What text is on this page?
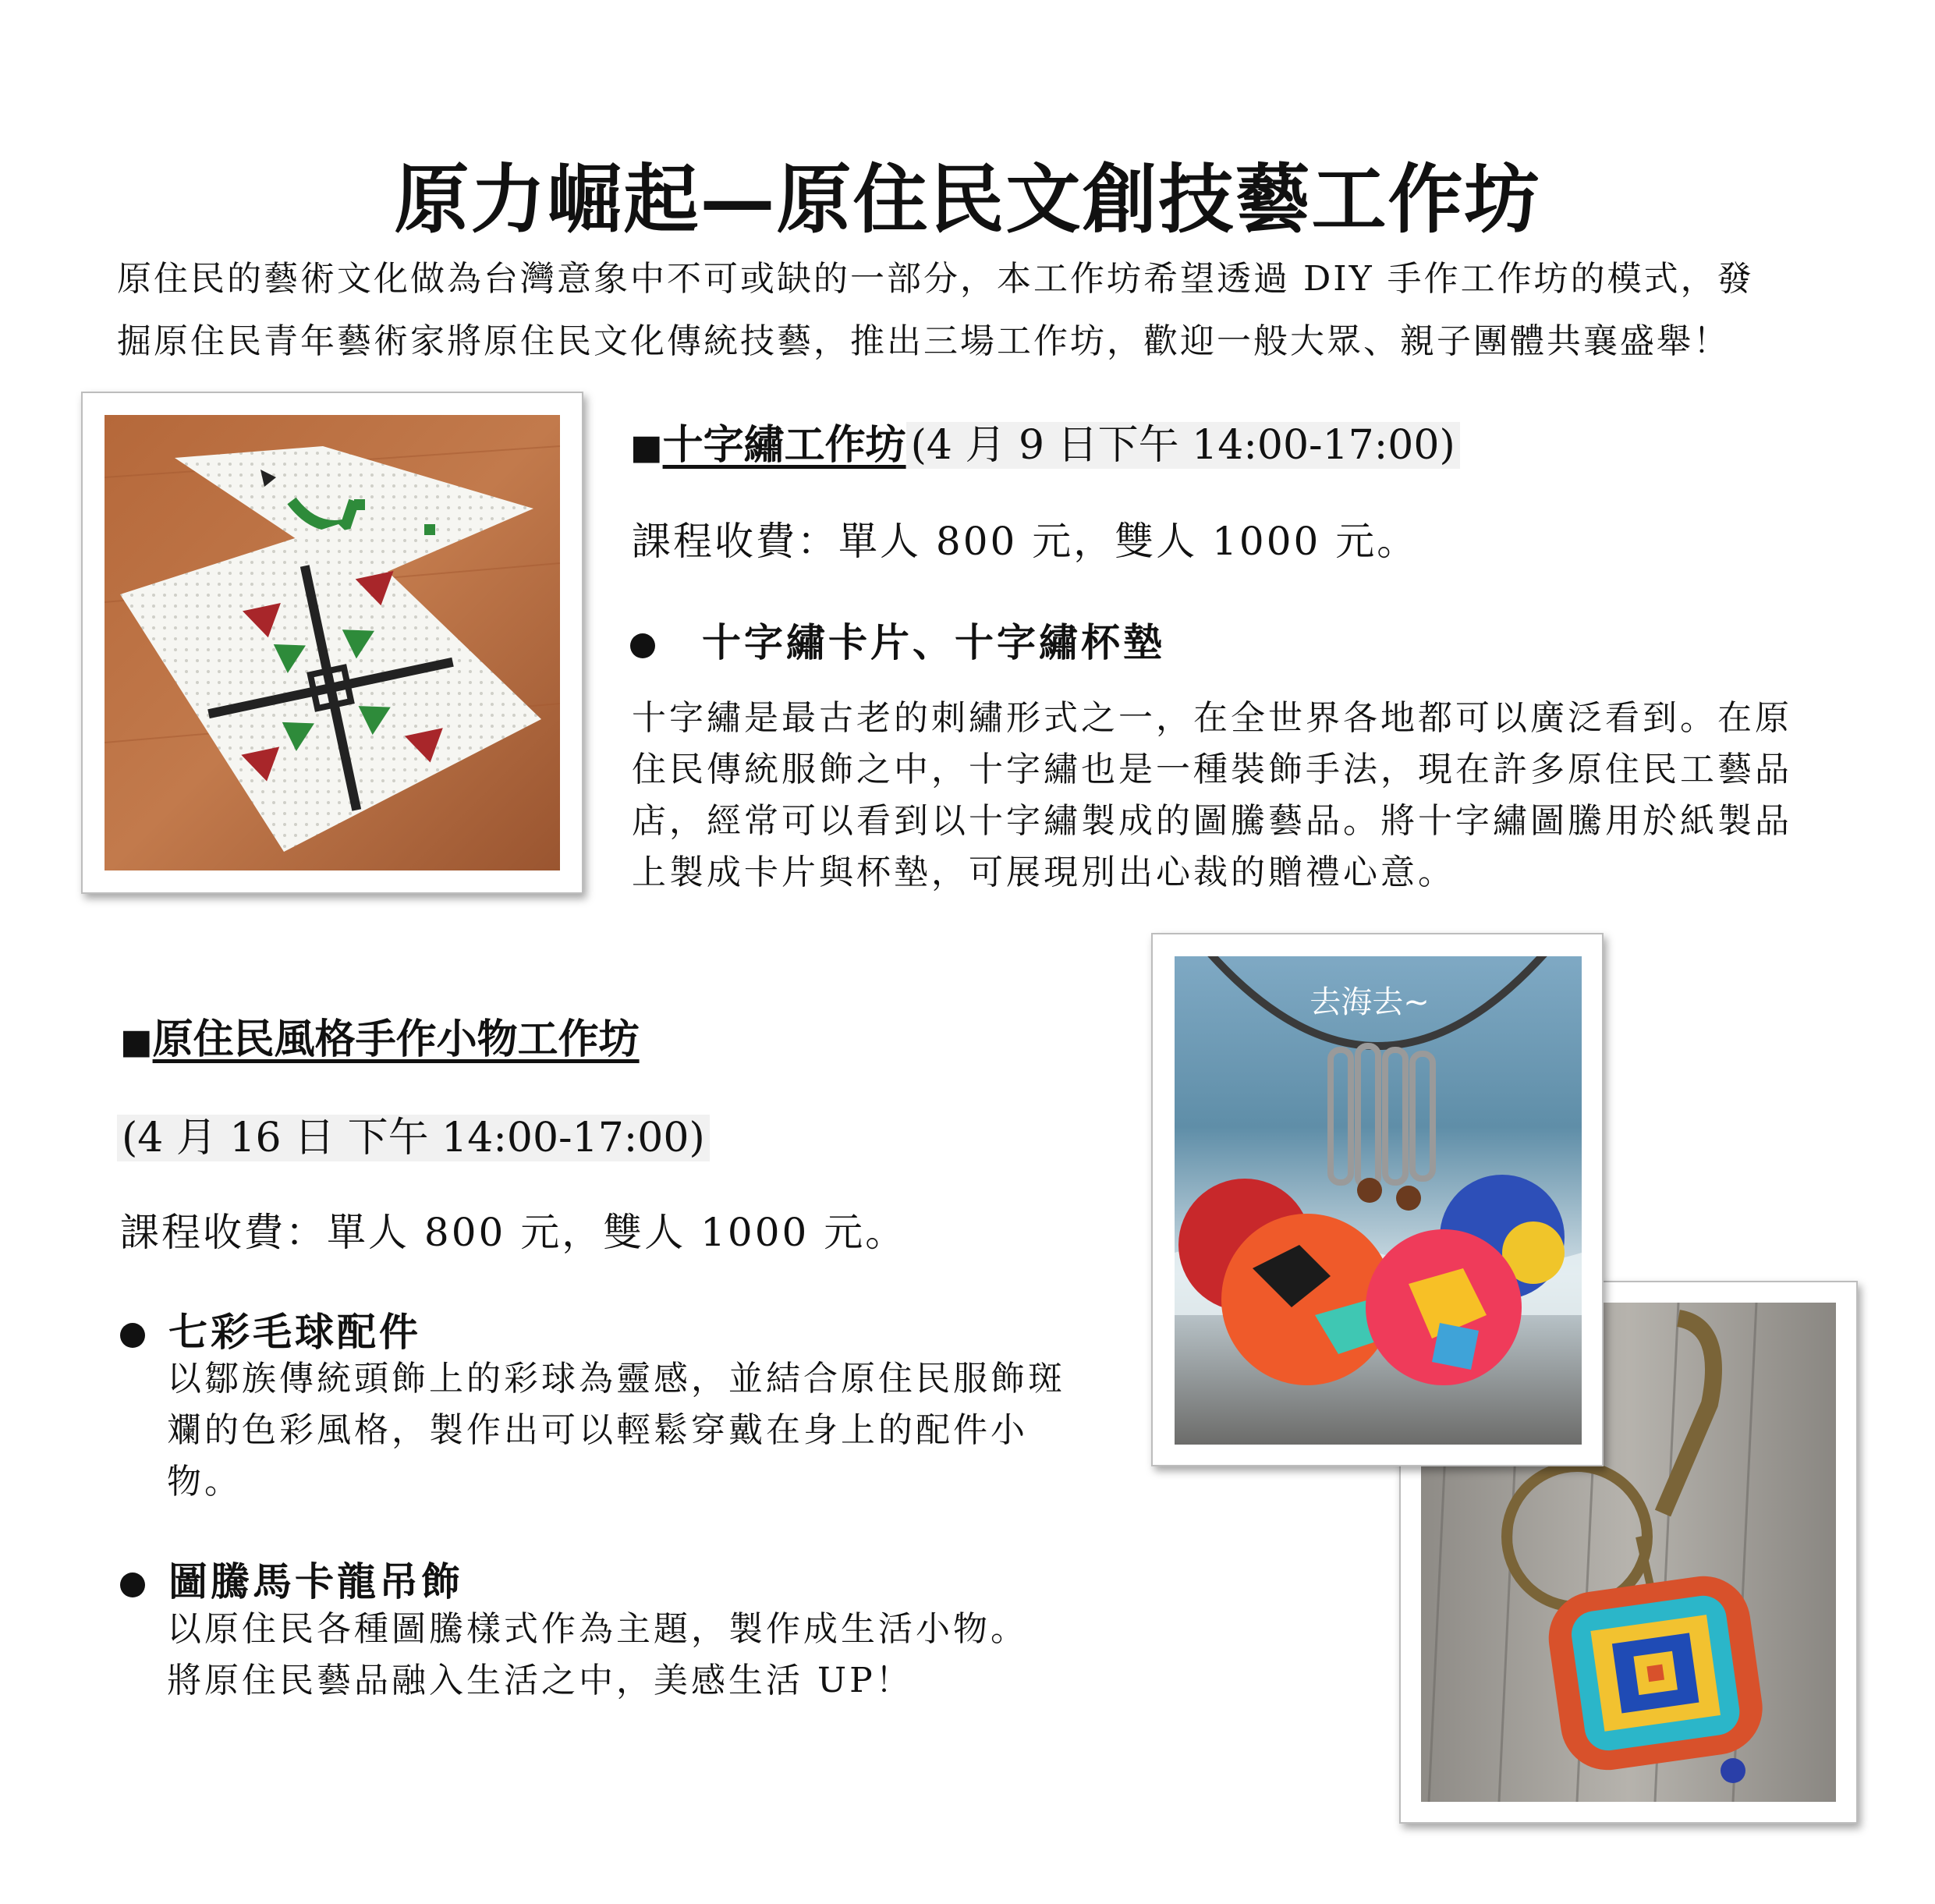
原力崛起—原住民文創技藝工作坊

原住民的藝術文化做為台灣意象中不可或缺的一部分，本工作坊希望透過 DIY 手作工作坊的模式，發

掘原住民青年藝術家將原住民文化傳統技藝，推出三場工作坊，歡迎一般大眾、親子團體共襄盛舉！

■十字繡工作坊 (4 月 9 日下午 14:00-17:00)
課程收費：單人 800 元，雙人 1000 元。
十字繡卡片、十字繡杯墊

十字繡是最古老的刺繡形式之一，在全世界各地都可以廣泛看到。在原

住民傳統服飾之中，十字繡也是一種裝飾手法，現在許多原住民工藝品

店，經常可以看到以十字繡製成的圖騰藝品。將十字繡圖騰用於紙製品

上製成卡片與杯墊，可展現別出心裁的贈禮心意。

■原住民風格手作小物工作坊
(4 月 16 日 下午 14:00-17:00)
課程收費：單人 800 元，雙人 1000 元。
七彩毛球配件

以鄒族傳統頭飾上的彩球為靈感，並結合原住民服飾斑

斕的色彩風格，製作出可以輕鬆穿戴在身上的配件小

物。

圖騰馬卡龍吊飾

以原住民各種圖騰樣式作為主題，製作成生活小物。

將原住民藝品融入生活之中，美感生活 UP！

去海去~
